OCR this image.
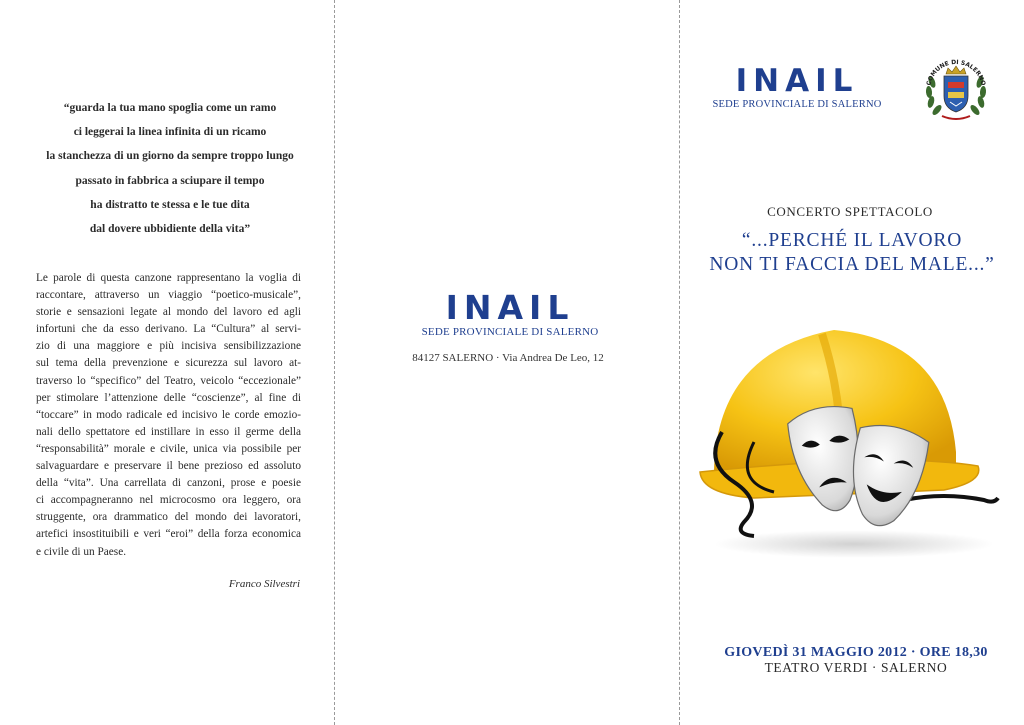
“guarda la tua mano spoglia come un ramo
ci leggerai la linea infinita di un ricamo
la stanchezza di un giorno da sempre troppo lungo
passato in fabbrica a sciupare il tempo
ha distratto te stessa e le tue dita
dal dovere ubbidiente della vita”
Le parole di questa canzone rappresentano la voglia di
raccontare, attraverso un viaggio “poetico-musicale”,
storie e sensazioni legate al mondo del lavoro ed agli
infortuni che da esso derivano. La “Cultura” al servi-
zio di una maggiore e più incisiva sensibilizzazione
sul tema della prevenzione e sicurezza sul lavoro at-
traverso lo “specifico” del Teatro, veicolo “eccezionale”
per stimolare l’attenzione delle “coscienze”, al fine di
“toccare” in modo radicale ed incisivo le corde emozio-
nali dello spettatore ed instillare in esso il germe della
“responsabilità” morale e civile, unica via possibile per
salvaguardare e preservare il bene prezioso ed assoluto
della “vita”. Una carrellata di canzoni, prose e poesie
ci accompagneranno nel microcosmo ora leggero, ora
struggente, ora drammatico del mondo dei lavoratori,
artefici insostituibili e veri “eroi” della forza economica
e civile di un Paese.
Franco Silvestri
INAIL
SEDE PROVINCIALE DI SALERNO
84127 SALERNO · Via Andrea De Leo, 12
INAIL
SEDE PROVINCIALE DI SALERNO
COMUNE DI SALERNO
CONCERTO SPETTACOLO
“...PERCHÉ IL LAVORO
NON TI FACCIA DEL MALE...”
GIOVEDÌ 31 MAGGIO 2012 · ORE 18,30
TEATRO VERDI · SALERNO
